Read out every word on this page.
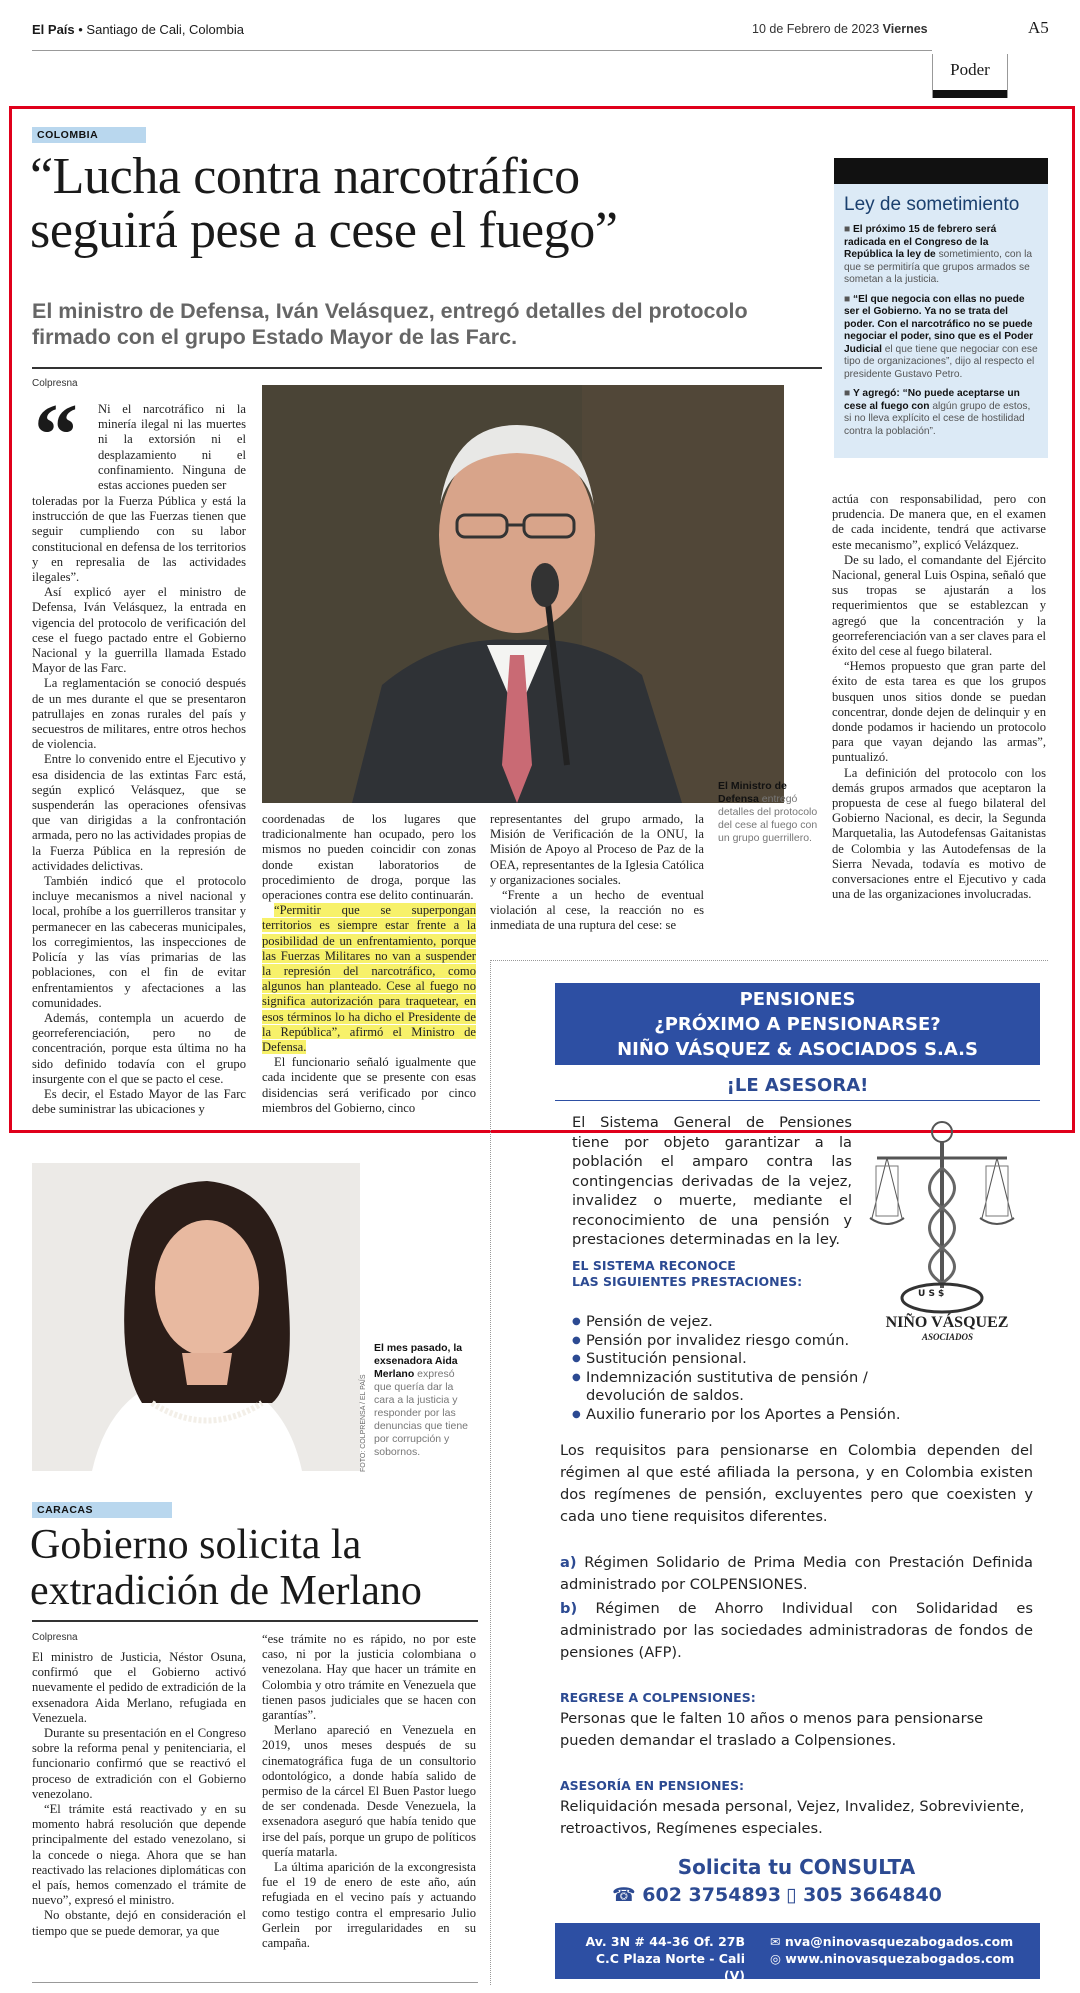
El País • Santiago de Cali, Colombia	10 de Febrero de 2023 Viernes	A5
Poder
COLOMBIA
“Lucha contra narcotráfico
seguirá pese a cese el fuego”
El ministro de Defensa, Iván Velásquez, entregó detalles del protocolo firmado con el grupo Estado Mayor de las Farc.
Colpresna
Ley de sometimiento

■ El próximo 15 de febrero será radicada en el Congreso de la República la ley de sometimiento, con la que se permitiría que grupos armados se sometan a la justicia.

■ “El que negocia con ellas no puede ser el Gobierno. Ya no se trata del poder. Con el narcotráfico no se puede negociar el poder, sino que es el Poder Judicial el que tiene que negociar con ese tipo de organizaciones”, dijo al respecto el presidente Gustavo Petro.

■ Y agregó: “No puede aceptarse un cese al fuego con algún grupo de estos, si no lleva explícito el cese de hostilidad contra la población”.

“ Ni el narcotráfico ni la minería ilegal ni las muertes ni la extorsión ni el desplazamiento ni el confinamiento. Ninguna de estas acciones pueden ser

toleradas por la Fuerza Pública y está la instrucción de que las Fuerzas tienen que seguir cumpliendo con su labor constitucional en defensa de los territorios y en represalia de las actividades ilegales”.

Así explicó ayer el ministro de Defensa, Iván Velásquez, la entrada en vigencia del protocolo de verificación del cese el fuego pactado entre el Gobierno Nacional y la guerrilla llamada Estado Mayor de las Farc.

La reglamentación se conoció después de un mes durante el que se presentaron patrullajes en zonas rurales del país y secuestros de militares, entre otros hechos de violencia.

Entre lo convenido entre el Ejecutivo y esa disidencia de las extintas Farc está, según explicó Velásquez, que se suspenderán las operaciones ofensivas que van dirigidas a la confrontación armada, pero no las actividades propias de la Fuerza Pública en la represión de actividades delictivas.

También indicó que el protocolo incluye mecanismos a nivel nacional y local, prohíbe a los guerrilleros transitar y permanecer en las cabeceras municipales, los corregimientos, las inspecciones de Policía y las vías primarias de las poblaciones, con el fin de evitar enfrentamientos y afectaciones a las comunidades.

Además, contempla un acuerdo de georreferenciación, pero no de concentración, porque esta última no ha sido definido todavía con el grupo insurgente con el que se pacto el cese.

Es decir, el Estado Mayor de las Farc debe suministrar las ubicaciones y

El Ministro de Defensa entregó detalles del protocolo del cese al fuego con un grupo guerrillero.

coordenadas de los lugares que tradicionalmente han ocupado, pero los mismos no pueden coincidir con zonas donde existan laboratorios de procedimiento de droga, porque las operaciones contra ese delito continuarán.

“Permitir que se superpongan territorios es siempre estar frente a la posibilidad de un enfrentamiento, porque las Fuerzas Militares no van a suspender la represión del narcotráfico, como algunos han planteado. Cese al fuego no significa autorización para traquetear, en esos términos lo ha dicho el Presidente de la República”, afirmó el Ministro de Defensa.

El funcionario señaló igualmente que cada incidente que se presente con esas disidencias será verificado por cinco miembros del Gobierno, cinco

representantes del grupo armado, la Misión de Verificación de la ONU, la Misión de Apoyo al Proceso de Paz de la OEA, representantes de la Iglesia Católica y organizaciones sociales.

“Frente a un hecho de eventual violación al cese, la reacción no es inmediata de una ruptura del cese: se

actúa con responsabilidad, pero con prudencia. De manera que, en el examen de cada incidente, tendrá que activarse este mecanismo”, explicó Velázquez.

De su lado, el comandante del Ejército Nacional, general Luis Ospina, señaló que sus tropas se ajustarán a los requerimientos que se establezcan y agregó que la concentración y la georreferenciación van a ser claves para el éxito del cese al fuego bilateral.

“Hemos propuesto que gran parte del éxito de esta tarea es que los grupos busquen unos sitios donde se puedan concentrar, donde dejen de delinquir y en donde podamos ir haciendo un protocolo para que vayan dejando las armas”, puntualizó.

La definición del protocolo con los demás grupos armados que aceptaron la propuesta de cese al fuego bilateral del Gobierno Nacional, es decir, la Segunda Marquetalia, las Autodefensas Gaitanistas de Colombia y las Autodefensas de la Sierra Nevada, todavía es motivo de conversaciones entre el Ejecutivo y cada una de las organizaciones involucradas.

El mes pasado, la exsenadora Aida Merlano expresó que quería dar la cara a la justicia y responder por las denuncias que tiene por corrupción y sobornos.
FOTO: COLPRENSA / EL PAÍS
CARACAS
Gobierno solicita la
extradición de Merlano
Colpresna

El ministro de Justicia, Néstor Osuna, confirmó que el Gobierno activó nuevamente el pedido de extradición de la exsenadora Aida Merlano, refugiada en Venezuela.

Durante su presentación en el Congreso sobre la reforma penal y penitenciaria, el funcionario confirmó que se reactivó el proceso de extradición con el Gobierno venezolano.

“El trámite está reactivado y en su momento habrá resolución que depende principalmente del estado venezolano, si la concede o niega. Ahora que se han reactivado las relaciones diplomáticas con el país, hemos comenzado el trámite de nuevo”, expresó el ministro.

No obstante, dejó en consideración el tiempo que se puede demorar, ya que

“ese trámite no es rápido, no por este caso, ni por la justicia colombiana o venezolana. Hay que hacer un trámite en Colombia y otro trámite en Venezuela que tienen pasos judiciales que se hacen con garantías”.

Merlano apareció en Venezuela en 2019, unos meses después de su cinematográfica fuga de un consultorio odontológico, a donde había salido de permiso de la cárcel El Buen Pastor luego de ser condenada. Desde Venezuela, la exsenadora aseguró que había tenido que irse del país, porque un grupo de políticos quería matarla.

La última aparición de la excongresista fue el 19 de enero de este año, aún refugiada en el vecino país y actuando como testigo contra el empresario Julio Gerlein por irregularidades en su campaña.

PENSIONES
¿PRÓXIMO A PENSIONARSE?
NIÑO VÁSQUEZ & ASOCIADOS S.A.S
¡LE ASESORA!
El Sistema General de Pensiones tiene por objeto garantizar a la población el amparo contra las contingencias derivadas de la vejez, invalidez o muerte, mediante el reconocimiento de una pensión y prestaciones determinadas en la ley.
U S $
NIÑO VÁSQUEZ
ASOCIADOS
EL SISTEMA RECONOCE
LAS SIGUIENTES PRESTACIONES:
● Pensión de vejez.
● Pensión por invalidez riesgo común.
● Sustitución pensional.
● Indemnización sustitutiva de pensión / devolución de saldos.
● Auxilio funerario por los Aportes a Pensión.
Los requisitos para pensionarse en Colombia dependen del régimen al que esté afiliada la persona, y en Colombia existen dos regímenes de pensión, excluyentes pero que coexisten y cada uno tiene requisitos diferentes.
a) Régimen Solidario de Prima Media con Prestación Definida administrado por COLPENSIONES.
b) Régimen de Ahorro Individual con Solidaridad es administrado por las sociedades administradoras de fondos de pensiones (AFP).
REGRESE A COLPENSIONES:
Personas que le falten 10 años o menos para pensionarse pueden demandar el traslado a Colpensiones.
ASESORÍA EN PENSIONES:
Reliquidación mesada personal, Vejez, Invalidez, Sobreviviente, retroactivos, Regímenes especiales.
Solicita tu CONSULTA
☎ 602 3754893 ▯ 305 3664840
Av. 3N # 44-36 Of. 27B
C.C Plaza Norte - Cali (V)
✉ nva@ninovasquezabogados.com
◎ www.ninovasquezabogados.com
